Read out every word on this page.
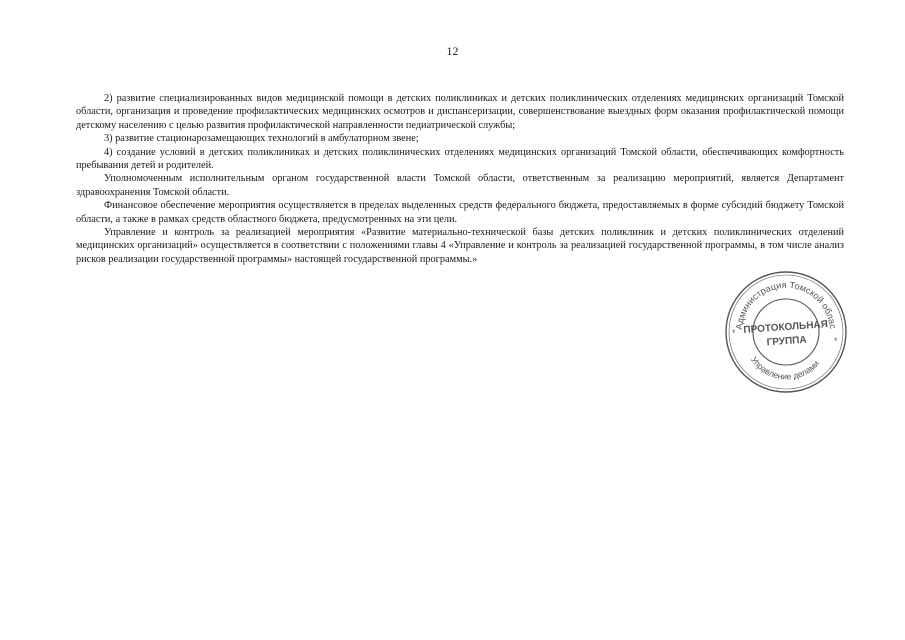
12

2) развитие специализированных видов медицинской помощи в детских поликлиниках и детских поликлинических отделениях медицинских организаций Томской области, организация и проведение профилактических медицинских осмотров и диспансеризации, совершенствование выездных форм оказания профилактической помощи детскому населению с целью развития профилактической направленности педиатрической службы;

3) развитие стационарозамещающих технологий в амбулаторном звене;

4) создание условий в детских поликлиниках и детских поликлинических отделениях медицинских организаций Томской области, обеспечивающих комфортность пребывания детей и родителей.

Уполномоченным исполнительным органом государственной власти Томской области, ответственным за реализацию мероприятий, является Департамент здравоохранения Томской области.

Финансовое обеспечение мероприятия осуществляется в пределах выделенных средств федерального бюджета, предоставляемых в форме субсидий бюджету Томской области, а также в рамках средств областного бюджета, предусмотренных на эти цели.

Управление и контроль за реализацией мероприятия «Развитие материально-технической базы детских поликлиник и детских поликлинических отделений медицинских организаций» осуществляется в соответствии с положениями главы 4 «Управление и контроль за реализацией государственной программы, в том числе анализ рисков реализации государственной программы» настоящей государственной программы.»

Администрация Томской облас
Управление делами
*
*
ПРОТОКОЛЬНАЯ
ГРУППА
